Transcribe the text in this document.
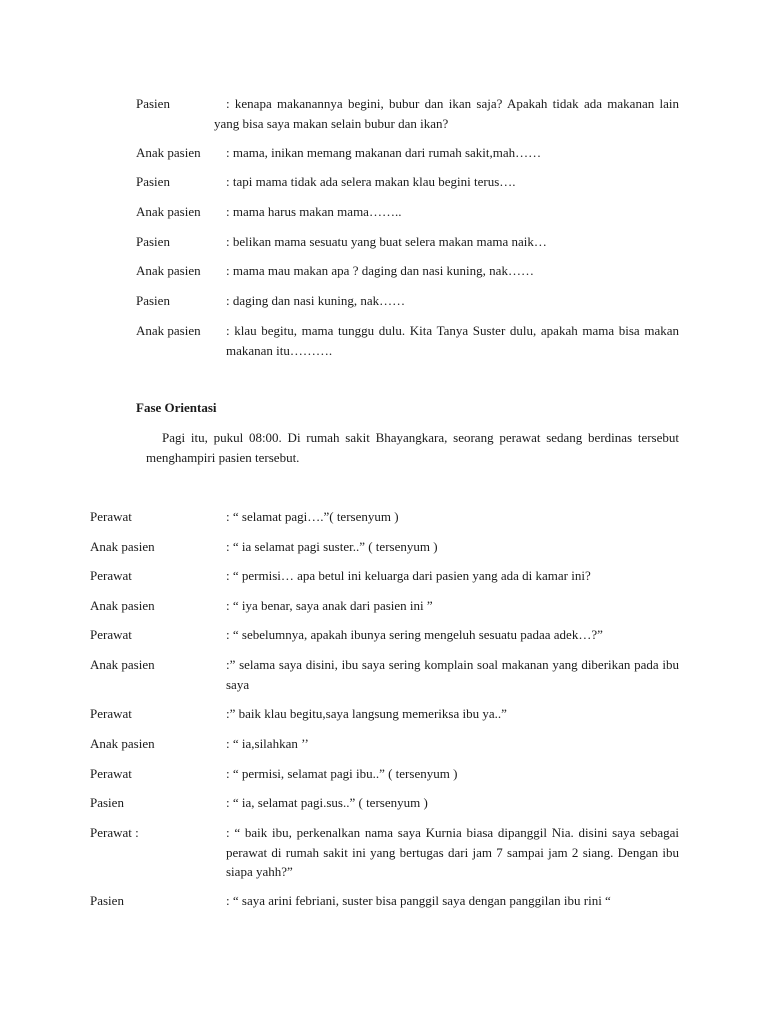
Pasien	: kenapa makanannya begini, bubur dan ikan saja? Apakah tidak ada makanan lain yang bisa saya makan selain bubur dan ikan?
Anak pasien : mama, inikan memang makanan dari rumah sakit,mah……
Pasien	: tapi mama tidak ada selera makan klau begini terus….
Anak pasien : mama harus makan mama……..
Pasien	: belikan mama sesuatu yang buat selera makan mama naik…
Anak pasien : mama mau makan apa ? daging dan nasi kuning, nak……
Pasien	: daging dan nasi kuning, nak……
Anak pasien : klau begitu, mama tunggu dulu. Kita Tanya Suster dulu, apakah mama bisa makan makanan itu……….
Fase Orientasi
Pagi itu, pukul 08:00. Di rumah sakit Bhayangkara, seorang perawat sedang berdinas tersebut menghampiri pasien tersebut.
Perawat	: “ selamat pagi….”( tersenyum )
Anak pasien	: “ ia selamat pagi suster..” ( tersenyum )
Perawat	: “ permisi… apa betul ini keluarga dari pasien yang ada di kamar ini?
Anak pasien	: “ iya benar, saya anak dari pasien ini ”
Perawat	: “ sebelumnya, apakah ibunya sering mengeluh sesuatu padaa adek…?”
Anak pasien	:” selama saya disini, ibu saya sering komplain soal makanan yang diberikan pada ibu saya
Perawat	:” baik klau begitu,saya langsung memeriksa ibu ya..”
Anak pasien	: “ ia,silahkan ’’
Perawat	: “ permisi, selamat pagi ibu..” ( tersenyum )
Pasien	: “ ia, selamat pagi.sus..” ( tersenyum )
Perawat :	: “ baik ibu, perkenalkan nama saya Kurnia biasa dipanggil Nia. disini saya sebagai perawat di rumah sakit ini yang bertugas dari jam 7 sampai jam 2 siang. Dengan ibu siapa yahh?”
Pasien	: “ saya arini febriani, suster bisa panggil saya dengan panggilan ibu rini “
